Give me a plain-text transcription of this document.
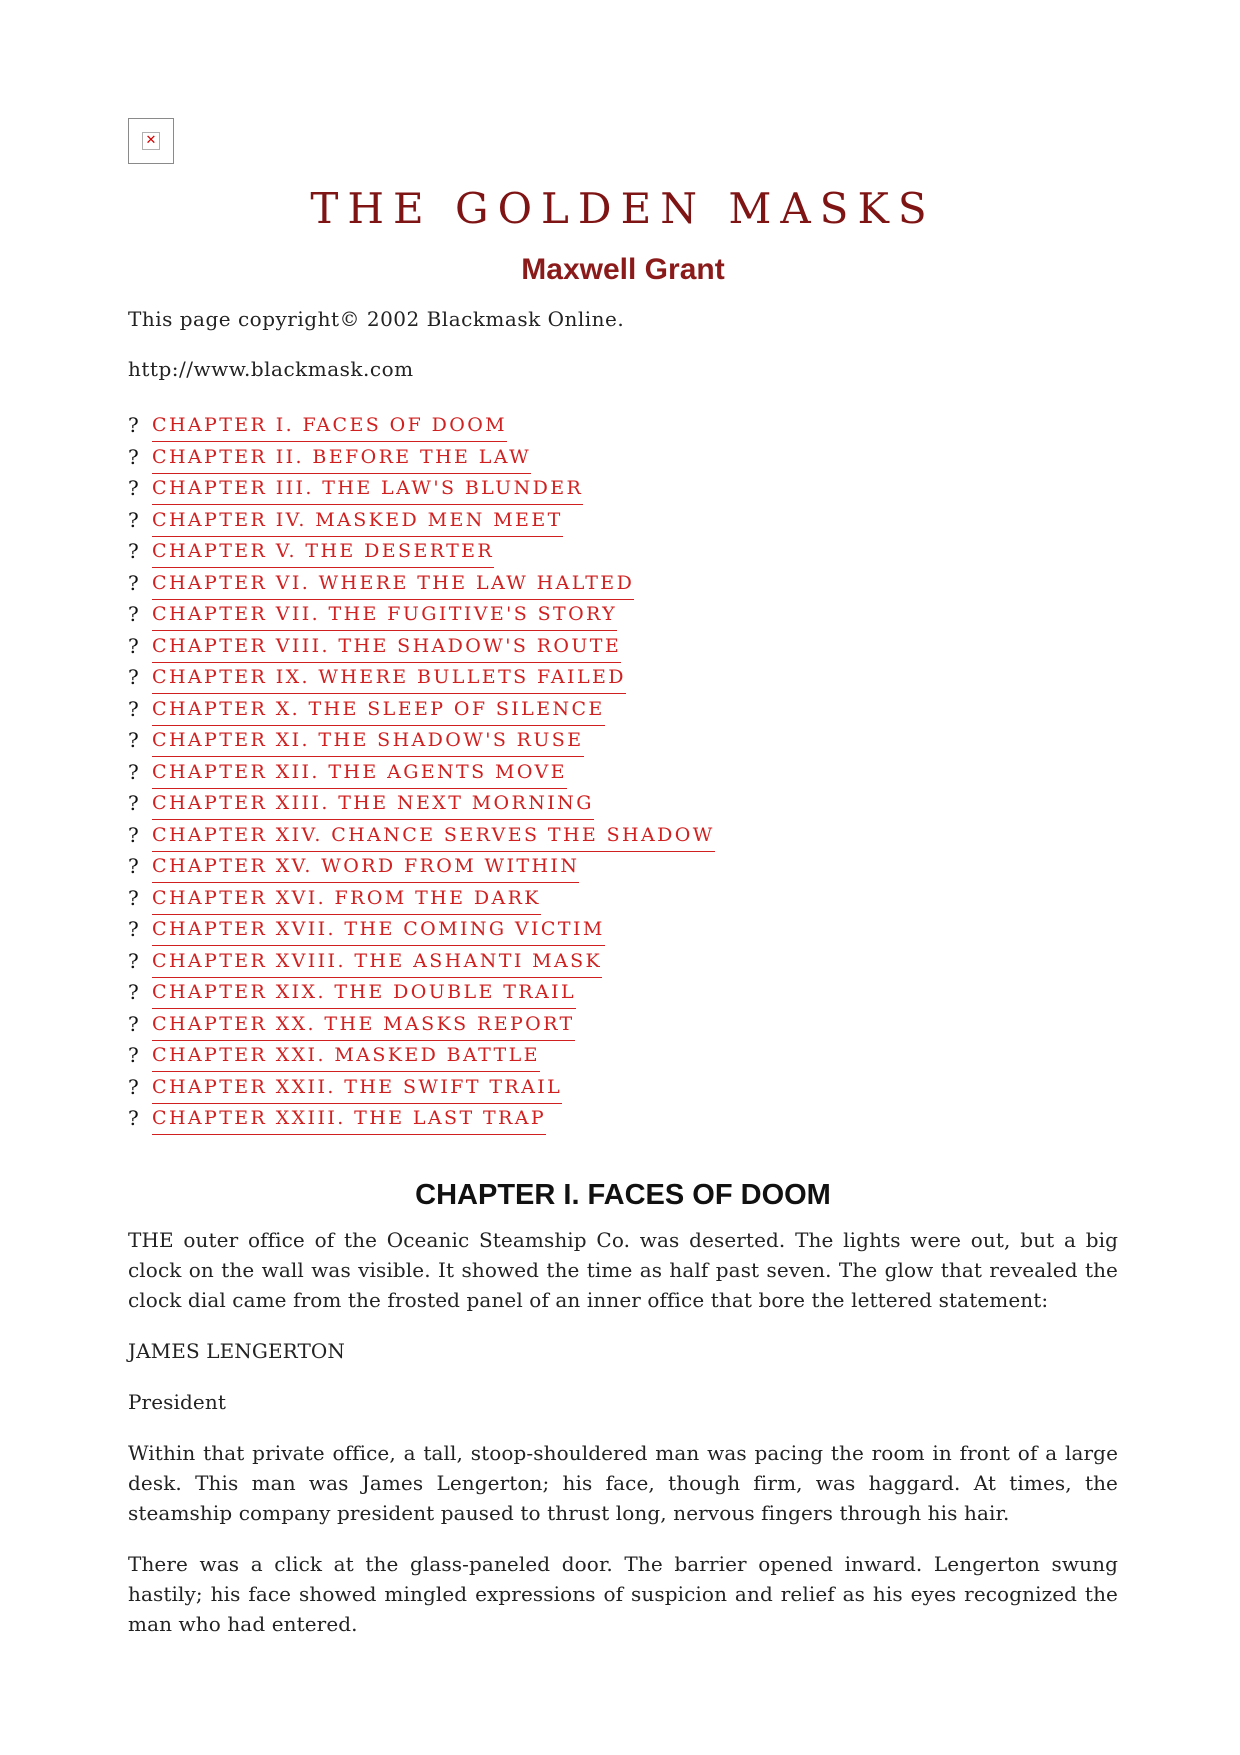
✕
THE GOLDEN MASKS
Maxwell Grant

This page copyright© 2002 Blackmask Online.

http://www.blackmask.com

? CHAPTER I. FACES OF DOOM
? CHAPTER II. BEFORE THE LAW
? CHAPTER III. THE LAW'S BLUNDER
? CHAPTER IV. MASKED MEN MEET
? CHAPTER V. THE DESERTER
? CHAPTER VI. WHERE THE LAW HALTED
? CHAPTER VII. THE FUGITIVE'S STORY
? CHAPTER VIII. THE SHADOW'S ROUTE
? CHAPTER IX. WHERE BULLETS FAILED
? CHAPTER X. THE SLEEP OF SILENCE
? CHAPTER XI. THE SHADOW'S RUSE
? CHAPTER XII. THE AGENTS MOVE
? CHAPTER XIII. THE NEXT MORNING
? CHAPTER XIV. CHANCE SERVES THE SHADOW
? CHAPTER XV. WORD FROM WITHIN
? CHAPTER XVI. FROM THE DARK
? CHAPTER XVII. THE COMING VICTIM
? CHAPTER XVIII. THE ASHANTI MASK
? CHAPTER XIX. THE DOUBLE TRAIL
? CHAPTER XX. THE MASKS REPORT
? CHAPTER XXI. MASKED BATTLE
? CHAPTER XXII. THE SWIFT TRAIL
? CHAPTER XXIII. THE LAST TRAP
CHAPTER I. FACES OF DOOM

THE outer office of the Oceanic Steamship Co. was deserted. The lights were out, but a big clock on the wall was visible. It showed the time as half past seven. The glow that revealed the clock dial came from the frosted panel of an inner office that bore the lettered statement:

JAMES LENGERTON

President

Within that private office, a tall, stoop-shouldered man was pacing the room in front of a large desk. This man was James Lengerton; his face, though firm, was haggard. At times, the steamship company president paused to thrust long, nervous fingers through his hair.

There was a click at the glass-paneled door. The barrier opened inward. Lengerton swung hastily; his face showed mingled expressions of suspicion and relief as his eyes recognized the man who had entered.
